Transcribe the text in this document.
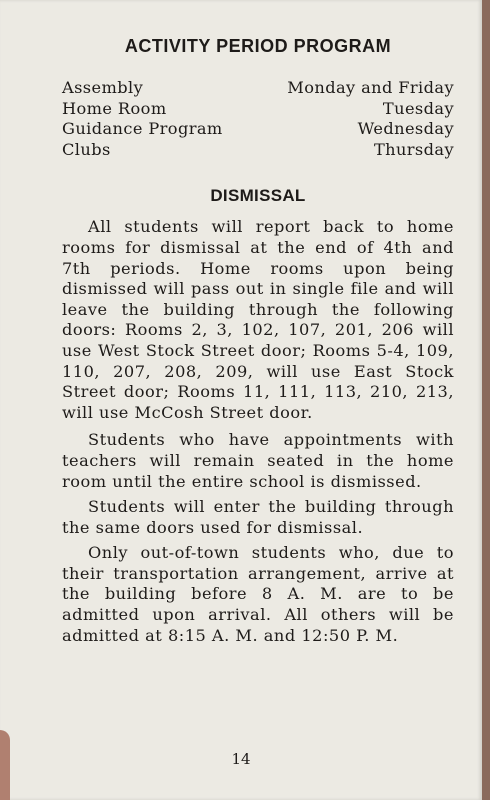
ACTIVITY PERIOD PROGRAM
Assembly	Monday and Friday
Home Room	Tuesday
Guidance Program	Wednesday
Clubs	Thursday
DISMISSAL

All students will report back to home rooms for dismissal at the end of 4th and 7th periods. Home rooms upon being dismissed will pass out in single file and will leave the building through the following doors: Rooms 2, 3, 102, 107, 201, 206 will use West Stock Street door; Rooms 5-4, 109, 110, 207, 208, 209, will use East Stock Street door; Rooms 11, 111, 113, 210, 213, will use McCosh Street door.

Students who have appointments with teachers will remain seated in the home room until the entire school is dismissed.

Students will enter the building through the same doors used for dismissal.

Only out-of-town students who, due to their transportation arrangement, arrive at the building before 8 A. M. are to be admitted upon arrival. All others will be admitted at 8:15 A. M. and 12:50 P. M.

14
